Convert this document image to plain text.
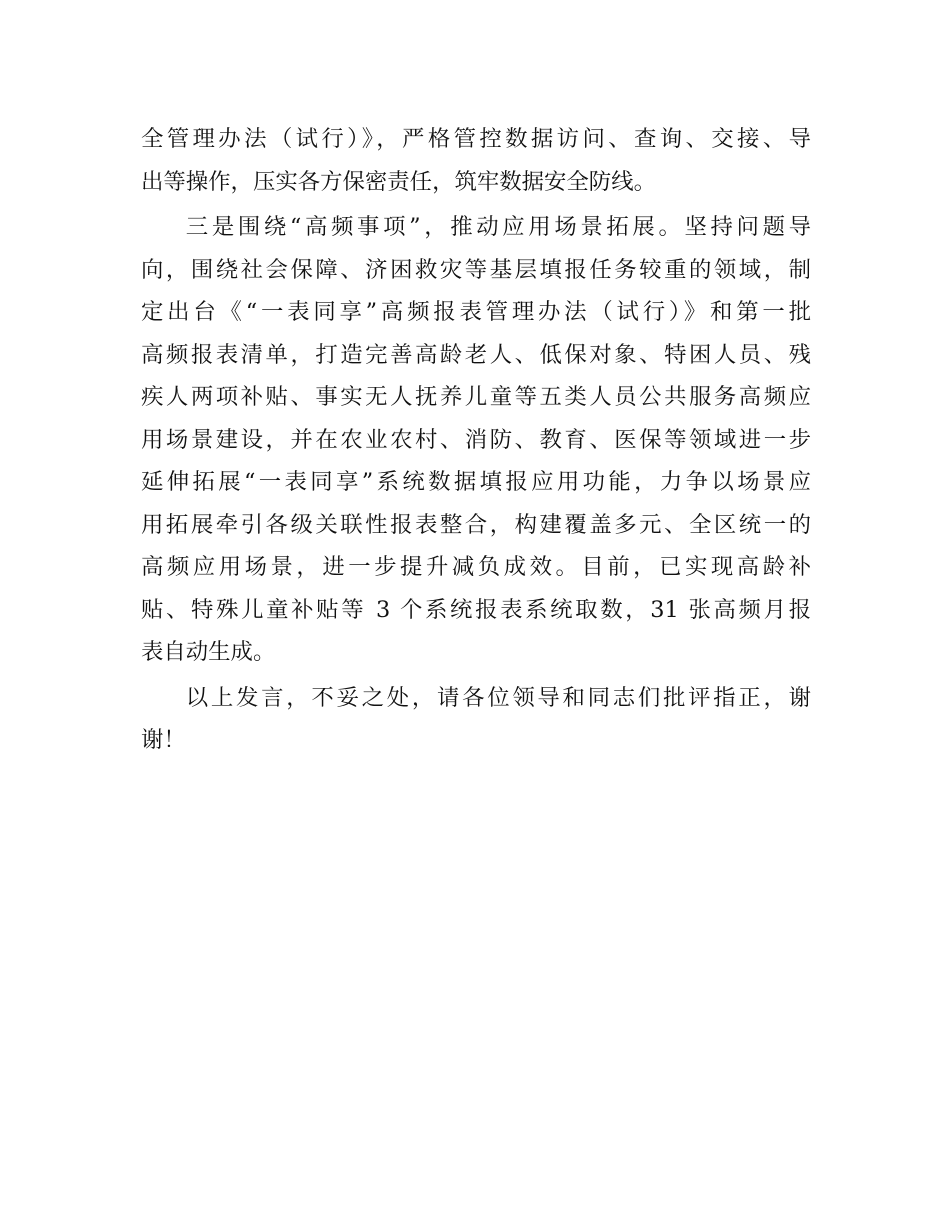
全管理办法（试行）》，严格管控数据访问、查询、交接、导
出等操作，压实各方保密责任，筑牢数据安全防线。

三是围绕“高频事项”，推动应用场景拓展。坚持问题导
向，围绕社会保障、济困救灾等基层填报任务较重的领域，制
定出台《“一表同享”高频报表管理办法（试行）》和第一批
高频报表清单，打造完善高龄老人、低保对象、特困人员、残
疾人两项补贴、事实无人抚养儿童等五类人员公共服务高频应
用场景建设，并在农业农村、消防、教育、医保等领域进一步
延伸拓展“一表同享”系统数据填报应用功能，力争以场景应
用拓展牵引各级关联性报表整合，构建覆盖多元、全区统一的
高频应用场景，进一步提升减负成效。目前，已实现高龄补
贴、特殊儿童补贴等 3 个系统报表系统取数，31 张高频月报
表自动生成。

以上发言，不妥之处，请各位领导和同志们批评指正，谢
谢！
